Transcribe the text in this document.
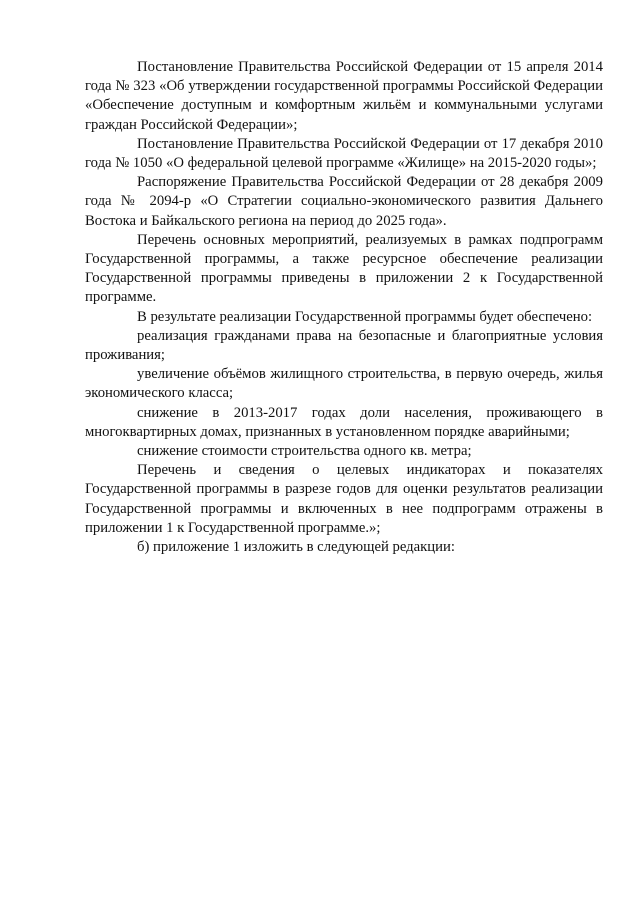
Постановление Правительства Российской Федерации от 15 апреля 2014 года № 323 «Об утверждении государственной программы Российской Федерации «Обеспечение доступным и комфортным жильём и коммунальными услугами граждан Российской Федерации»;

Постановление Правительства Российской Федерации от 17 декабря 2010 года № 1050 «О федеральной целевой программе «Жилище» на 2015-2020 годы»;

Распоряжение Правительства Российской Федерации от 28 декабря 2009 года № 2094-р «О Стратегии социально-экономического развития Дальнего Востока и Байкальского региона на период до 2025 года».

Перечень основных мероприятий, реализуемых в рамках подпрограмм Государственной программы, а также ресурсное обеспечение реализации Государственной программы приведены в приложении 2 к Государственной программе.

В результате реализации Государственной программы будет обеспечено:

реализация гражданами права на безопасные и благоприятные условия проживания;

увеличение объёмов жилищного строительства, в первую очередь, жилья экономического класса;

снижение в 2013-2017 годах доли населения, проживающего в многоквартирных домах, признанных в установленном порядке аварийными;

снижение стоимости строительства одного кв. метра;

Перечень и сведения о целевых индикаторах и показателях Государственной программы в разрезе годов для оценки результатов реализации Государственной программы и включенных в нее подпрограмм отражены в приложении 1 к Государственной программе.»;

б) приложение 1 изложить в следующей редакции:
